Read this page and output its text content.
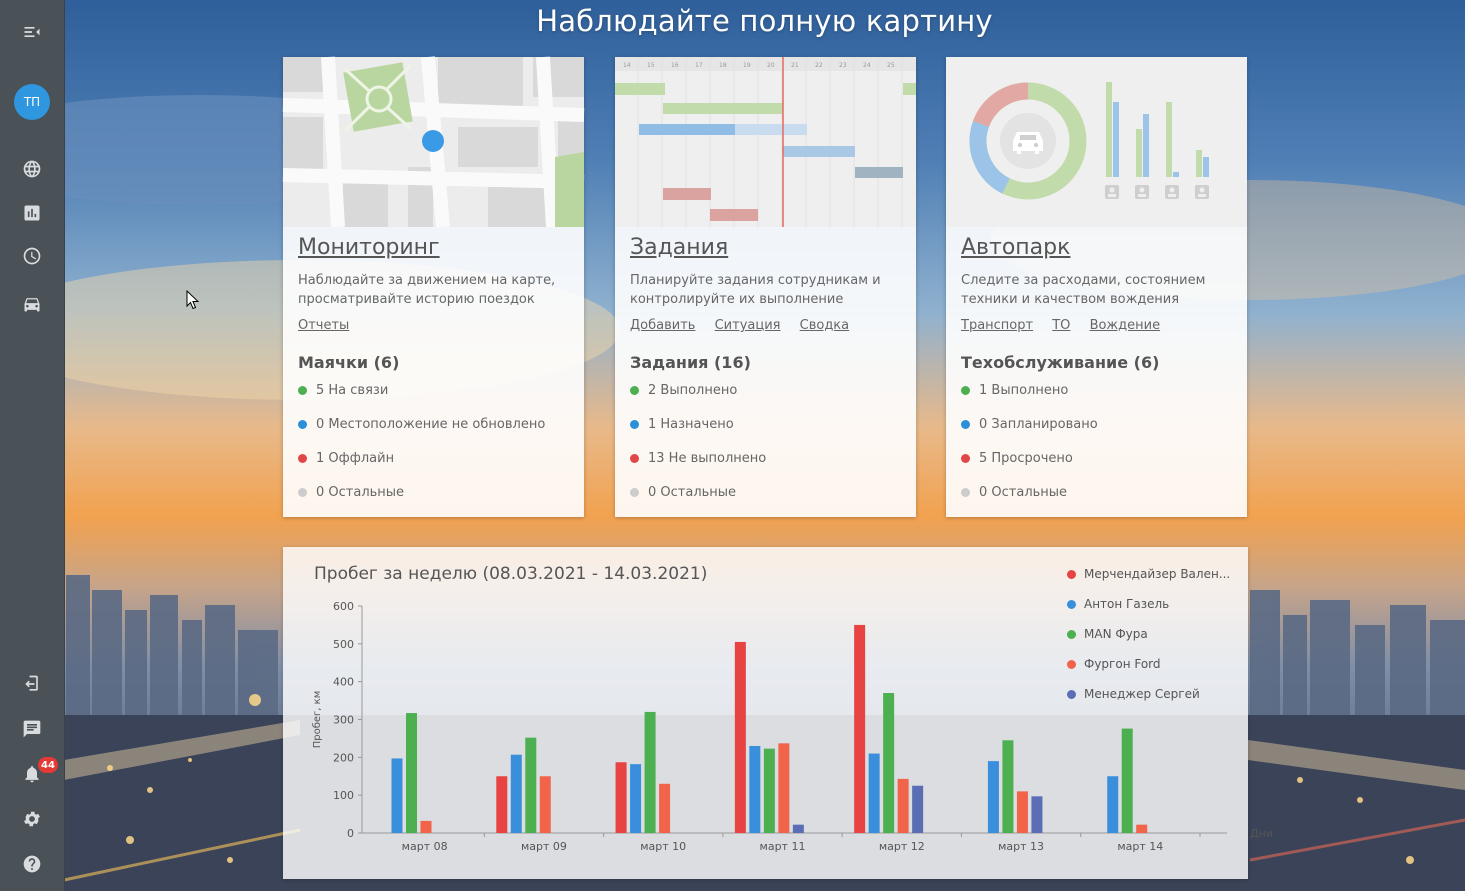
ТП
44
Наблюдайте полную картину
Мониторинг
Наблюдайте за движением на карте, просматривайте историю поездок
Отчеты
Маячки (6)
5 На связи
0 Местоположение не обновлено
1 Оффлайн
0 Остальные
14	15	16	17	18	19	20	21	22	23	24	25
Задания
Планируйте задания сотрудникам и контролируйте их выполнение
Добавить Ситуация Сводка
Задания (16)
2 Выполнено
1 Назначено
13 Не выполнено
0 Остальные
Автопарк
Следите за расходами, состоянием техники и качеством вождения
Транспорт ТО Вождение
Техобслуживание (6)
1 Выполнено
0 Запланировано
5 Просрочено
0 Остальные
0
100
200
300
400
500
600
Пробег, км
Дни
март 08	март 09	март 10	март 11	март 12	март 13	март 14
Пробег за неделю (08.03.2021 - 14.03.2021)	Мерчендайзер Вален...
Антон Газель
MAN Фура
Фургон Ford
Менеджер Сергей
